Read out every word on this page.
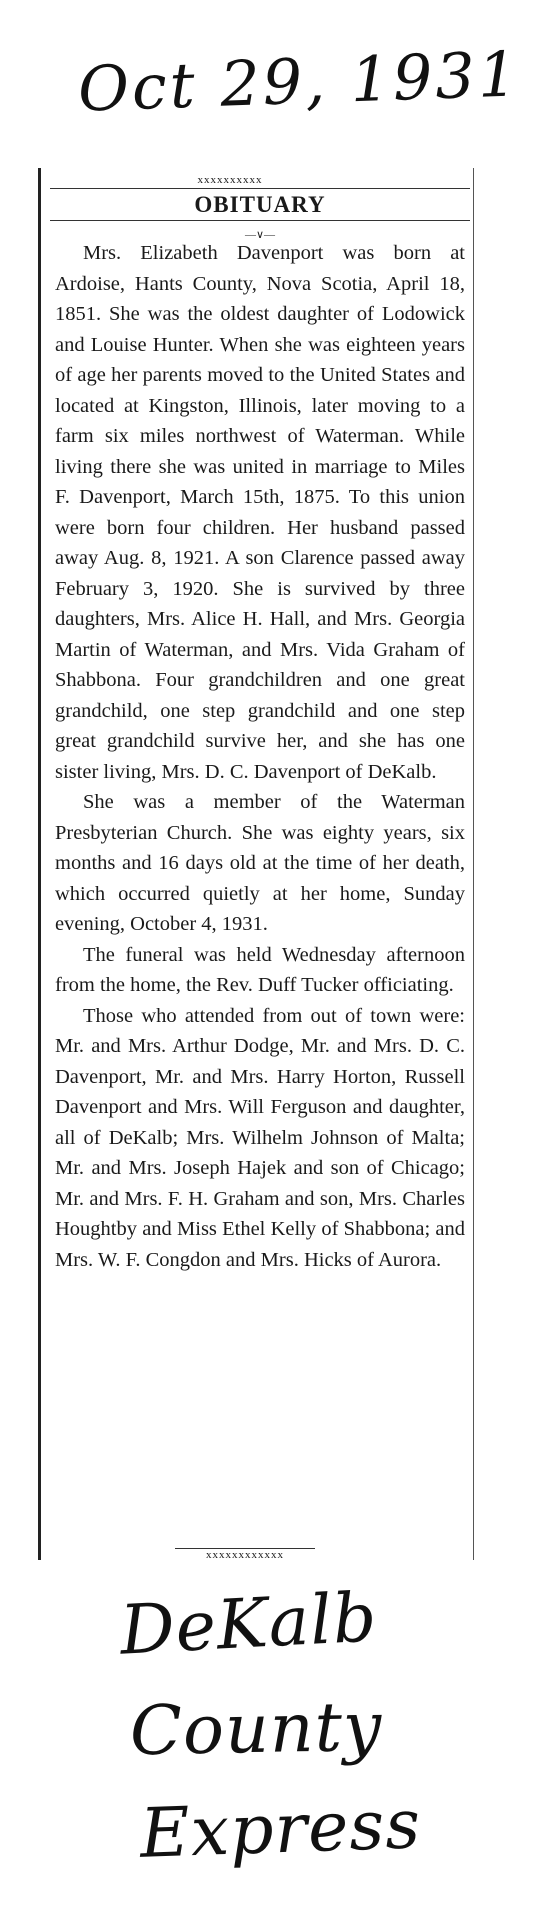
Oct 29, 1931
xxxxxxxxxx
OBITUARY
—∨—

Mrs. Elizabeth Davenport was born at Ardoise, Hants County, Nova Scotia, April 18, 1851. She was the oldest daughter of Lodowick and Louise Hunter. When she was eighteen years of age her parents moved to the United States and located at Kingston, Illinois, later moving to a farm six miles northwest of Waterman. While living there she was united in marriage to Miles F. Davenport, March 15th, 1875. To this union were born four children. Her husband passed away Aug. 8, 1921. A son Clarence passed away February 3, 1920. She is survived by three daughters, Mrs. Alice H. Hall, and Mrs. Georgia Martin of Waterman, and Mrs. Vida Graham of Shabbona. Four grandchildren and one great grandchild, one step grandchild and one step great grandchild survive her, and she has one sister living, Mrs. D. C. Davenport of DeKalb.

She was a member of the Waterman Presbyterian Church. She was eighty years, six months and 16 days old at the time of her death, which occurred quietly at her home, Sunday evening, October 4, 1931.

The funeral was held Wednesday afternoon from the home, the Rev. Duff Tucker officiating.

Those who attended from out of town were: Mr. and Mrs. Arthur Dodge, Mr. and Mrs. D. C. Davenport, Mr. and Mrs. Harry Horton, Russell Davenport and Mrs. Will Ferguson and daughter, all of DeKalb; Mrs. Wilhelm Johnson of Malta; Mr. and Mrs. Joseph Hajek and son of Chicago; Mr. and Mrs. F. H. Graham and son, Mrs. Charles Houghtby and Miss Ethel Kelly of Shabbona; and Mrs. W. F. Congdon and Mrs. Hicks of Aurora.

xxxxxxxxxxxx
DeKalb
County
Express
